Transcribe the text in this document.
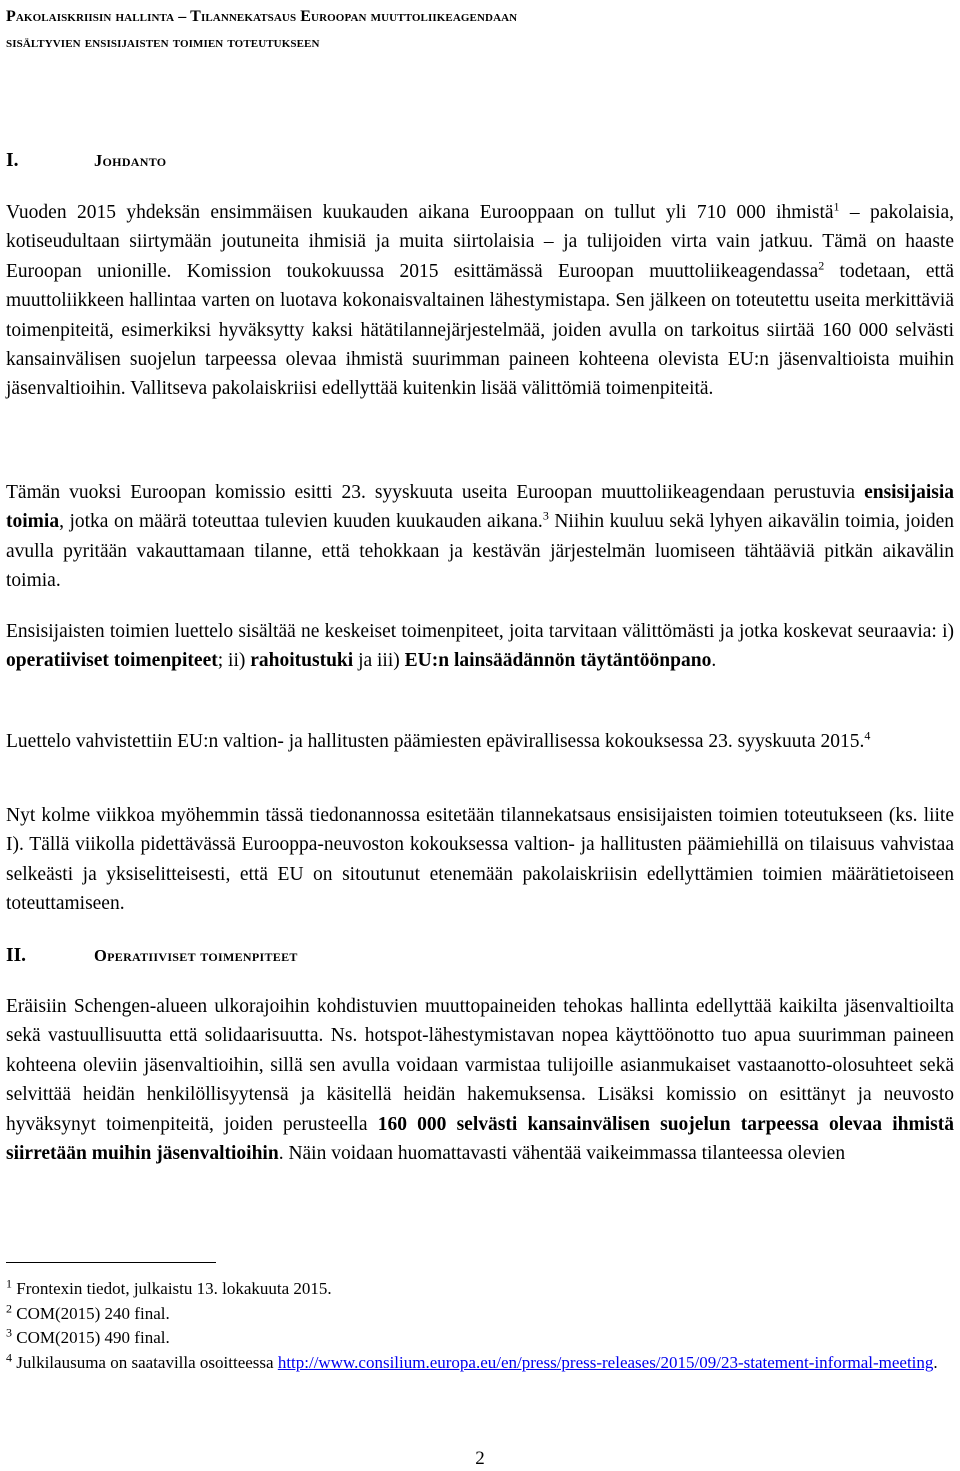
Pakolaiskriisin hallinta – Tilannekatsaus Euroopan muuttoliikeagendaan
sisältyvien ensisijaisten toimien toteutukseen
I.	Johdanto

Vuoden 2015 yhdeksän ensimmäisen kuukauden aikana Eurooppaan on tullut yli 710 000 ihmistä$^1$ – pakolaisia, kotiseudultaan siirtymään joutuneita ihmisiä ja muita siirtolaisia – ja tulijoiden virta vain jatkuu. Tämä on haaste Euroopan unionille. Komission toukokuussa 2015 esittämässä Euroopan muuttoliikeagendassa$^2$ todetaan, että muuttoliikkeen hallintaa varten on luotava kokonaisvaltainen lähestymistapa. Sen jälkeen on toteutettu useita merkittäviä toimenpiteitä, esimerkiksi hyväksytty kaksi hätätilannejärjestelmää, joiden avulla on tarkoitus siirtää 160 000 selvästi kansainvälisen suojelun tarpeessa olevaa ihmistä suurimman paineen kohteena olevista EU:n jäsenvaltioista muihin jäsenvaltioihin. Vallitseva pakolaiskriisi edellyttää kuitenkin lisää välittömiä toimenpiteitä.

Tämän vuoksi Euroopan komissio esitti 23. syyskuuta useita Euroopan muuttoliikeagendaan perustuvia ensisijaisia toimia, jotka on määrä toteuttaa tulevien kuuden kuukauden aikana.$^3$ Niihin kuuluu sekä lyhyen aikavälin toimia, joiden avulla pyritään vakauttamaan tilanne, että tehokkaan ja kestävän järjestelmän luomiseen tähtääviä pitkän aikavälin toimia.

Ensisijaisten toimien luettelo sisältää ne keskeiset toimenpiteet, joita tarvitaan välittömästi ja jotka koskevat seuraavia: i) operatiiviset toimenpiteet; ii) rahoitustuki ja iii) EU:n lainsäädännön täytäntöönpano.

Luettelo vahvistettiin EU:n valtion- ja hallitusten päämiesten epävirallisessa kokouksessa 23. syyskuuta 2015.$^4$

Nyt kolme viikkoa myöhemmin tässä tiedonannossa esitetään tilannekatsaus ensisijaisten toimien toteutukseen (ks. liite I). Tällä viikolla pidettävässä Eurooppa-neuvoston kokouksessa valtion- ja hallitusten päämiehillä on tilaisuus vahvistaa selkeästi ja yksiselitteisesti, että EU on sitoutunut etenemään pakolaiskriisin edellyttämien toimien määrätietoiseen toteuttamiseen.

II.	Operatiiviset toimenpiteet

Eräisiin Schengen-alueen ulkorajoihin kohdistuvien muuttopaineiden tehokas hallinta edellyttää kaikilta jäsenvaltioilta sekä vastuullisuutta että solidaarisuutta. Ns. hotspot-lähestymistavan nopea käyttöönotto tuo apua suurimman paineen kohteena oleviin jäsenvaltioihin, sillä sen avulla voidaan varmistaa tulijoille asianmukaiset vastaanotto-olosuhteet sekä selvittää heidän henkilöllisyytensä ja käsitellä heidän hakemuksensa. Lisäksi komissio on esittänyt ja neuvosto hyväksynyt toimenpiteitä, joiden perusteella 160 000 selvästi kansainvälisen suojelun tarpeessa olevaa ihmistä siirretään muihin jäsenvaltioihin. Näin voidaan huomattavasti vähentää vaikeimmassa tilanteessa olevien

$^1$ Frontexin tiedot, julkaistu 13. lokakuuta 2015.

$^2$ COM(2015) 240 final.

$^3$ COM(2015) 490 final.

$^4$ Julkilausuma on saatavilla osoitteessa http://www.consilium.europa.eu/en/press/press-releases/2015/09/23-statement-informal-meeting.

2
